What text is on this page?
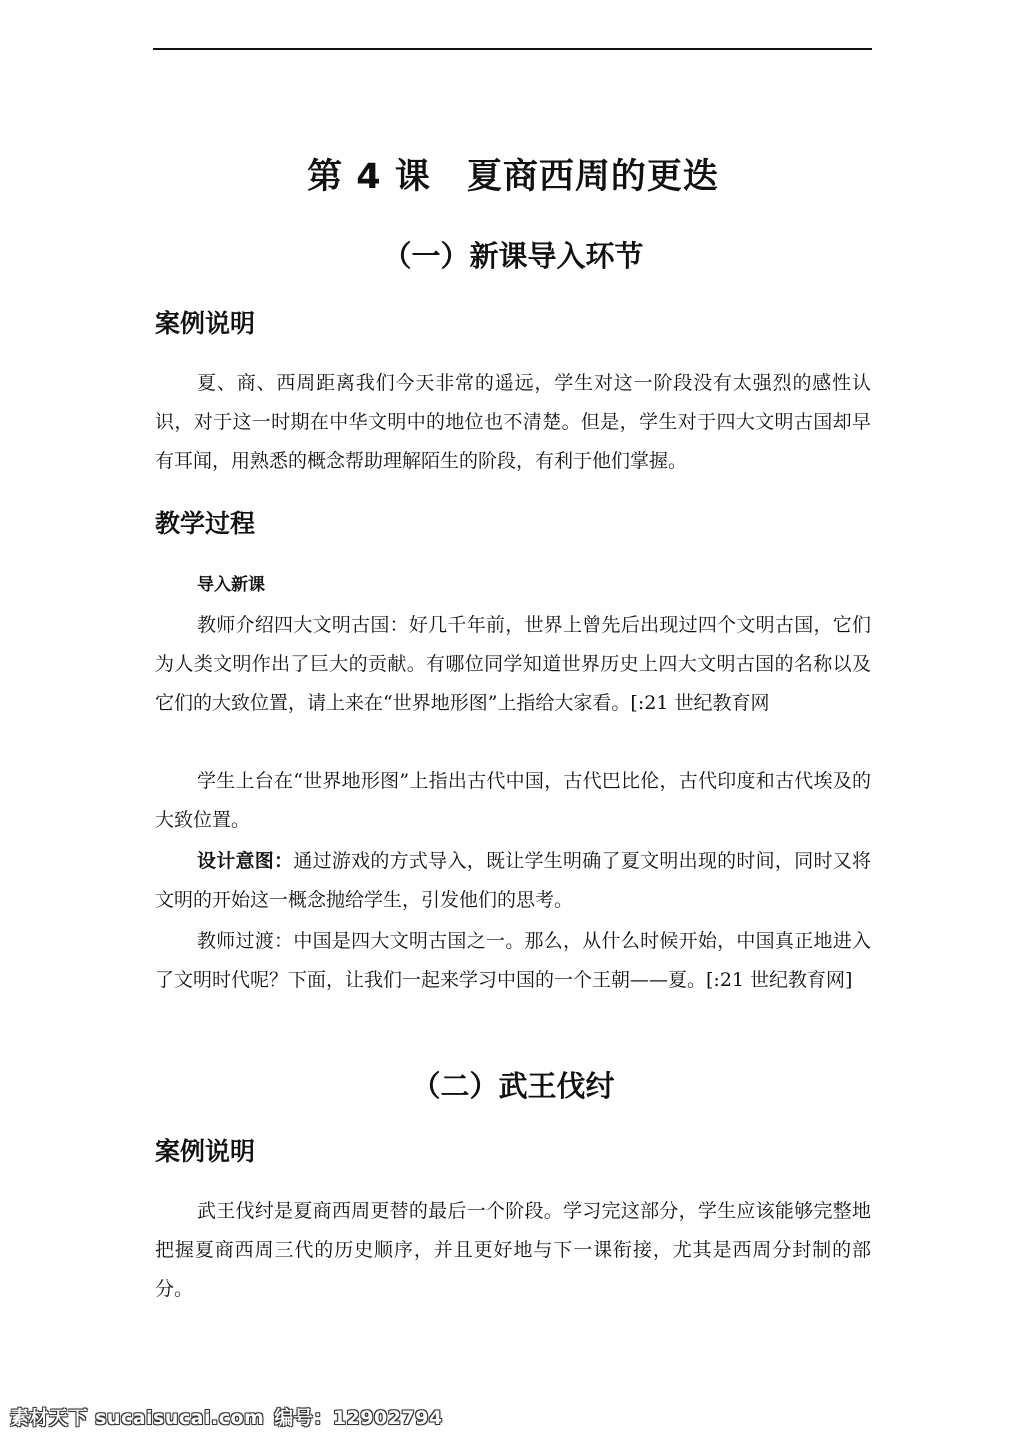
第 4 课　夏商西周的更迭
（一）新课导入环节
案例说明

夏、商、西周距离我们今天非常的遥远，学生对这一阶段没有太强烈的感性认识，对于这一时期在中华文明中的地位也不清楚。但是，学生对于四大文明古国却早有耳闻，用熟悉的概念帮助理解陌生的阶段，有利于他们掌握。

教学过程
导入新课

教师介绍四大文明古国：好几千年前，世界上曾先后出现过四个文明古国，它们为人类文明作出了巨大的贡献。有哪位同学知道世界历史上四大文明古国的名称以及它们的大致位置，请上来在“世界地形图”上指给大家看。[:21 世纪教育网

学生上台在“世界地形图”上指出古代中国，古代巴比伦，古代印度和古代埃及的大致位置。

设计意图：通过游戏的方式导入，既让学生明确了夏文明出现的时间，同时又将文明的开始这一概念抛给学生，引发他们的思考。

教师过渡：中国是四大文明古国之一。那么，从什么时候开始，中国真正地进入了文明时代呢？下面，让我们一起来学习中国的一个王朝——夏。[:21 世纪教育网]

（二）武王伐纣
案例说明

武王伐纣是夏商西周更替的最后一个阶段。学习完这部分，学生应该能够完整地把握夏商西周三代的历史顺序，并且更好地与下一课衔接，尤其是西周分封制的部分。

素材天下 sucaisucai.com 编号：12902794
